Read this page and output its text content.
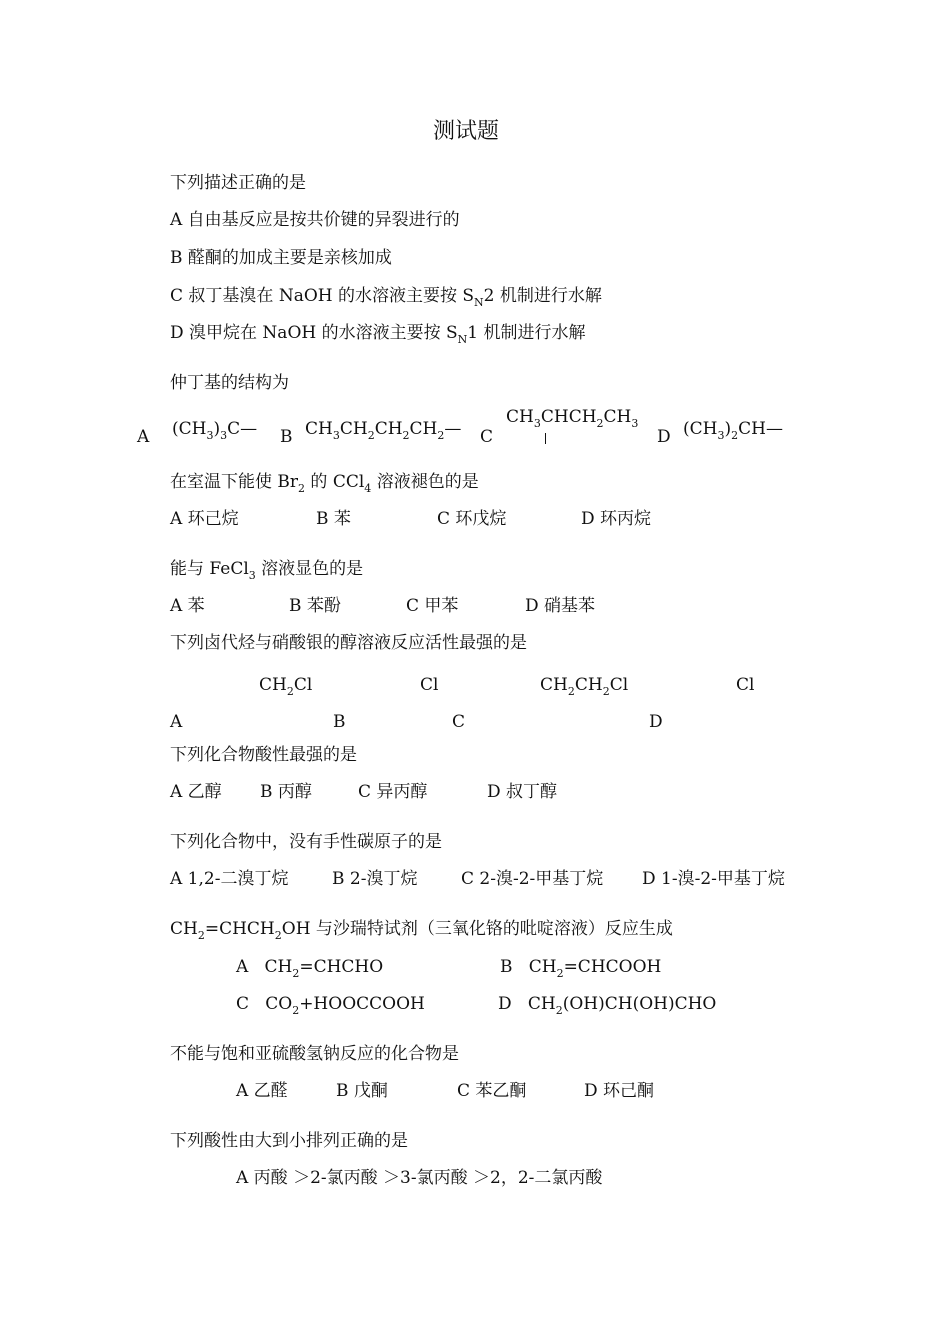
测试题
下列描述正确的是
A 自由基反应是按共价键的异裂进行的
B 醛酮的加成主要是亲核加成
C 叔丁基溴在 NaOH 的水溶液主要按 $S_N2$ 机制进行水解
D 溴甲烷在 NaOH 的水溶液主要按 $S_N1$ 机制进行水解
仲丁基的结构为
A $(CH_3)_3C—$ B $CH_3CH_2CH_2CH_2—$ C
$CH_3CHCH_2CH_3$
D $(CH_3)_2CH—$
在室温下能使 $Br_2$ 的 CCl$_4$ 溶液褪色的是
A 环己烷	B 苯	C 环戊烷	D 环丙烷
能与 FeCl$_3$ 溶液显色的是
A 苯	B 苯酚	C 甲苯	D 硝基苯
下列卤代烃与硝酸银的醇溶液反应活性最强的是
$CH_2Cl$	Cl	$CH_2CH_2Cl$	Cl
A	B	C	D
下列化合物酸性最强的是
A 乙醇 B 丙醇	C 异丙醇	D 叔丁醇
下列化合物中，没有手性碳原子的是
A 1,2-二溴丁烷	B 2-溴丁烷	C 2-溴-2-甲基丁烷 D 1-溴-2-甲基丁烷
$CH_2=CHCH_2OH$ 与沙瑞特试剂（三氧化铬的吡啶溶液）反应生成
A $CH_2=CHCHO$	B $CH_2=CHCOOH$
C $CO_2+HOOCCOOH$	D $CH_2(OH)CH(OH)CHO$
不能与饱和亚硫酸氢钠反应的化合物是
A 乙醛	B 戊酮	C 苯乙酮	D 环己酮
下列酸性由大到小排列正确的是
A 丙酸 ＞2-氯丙酸 ＞3-氯丙酸 ＞2，2-二氯丙酸
